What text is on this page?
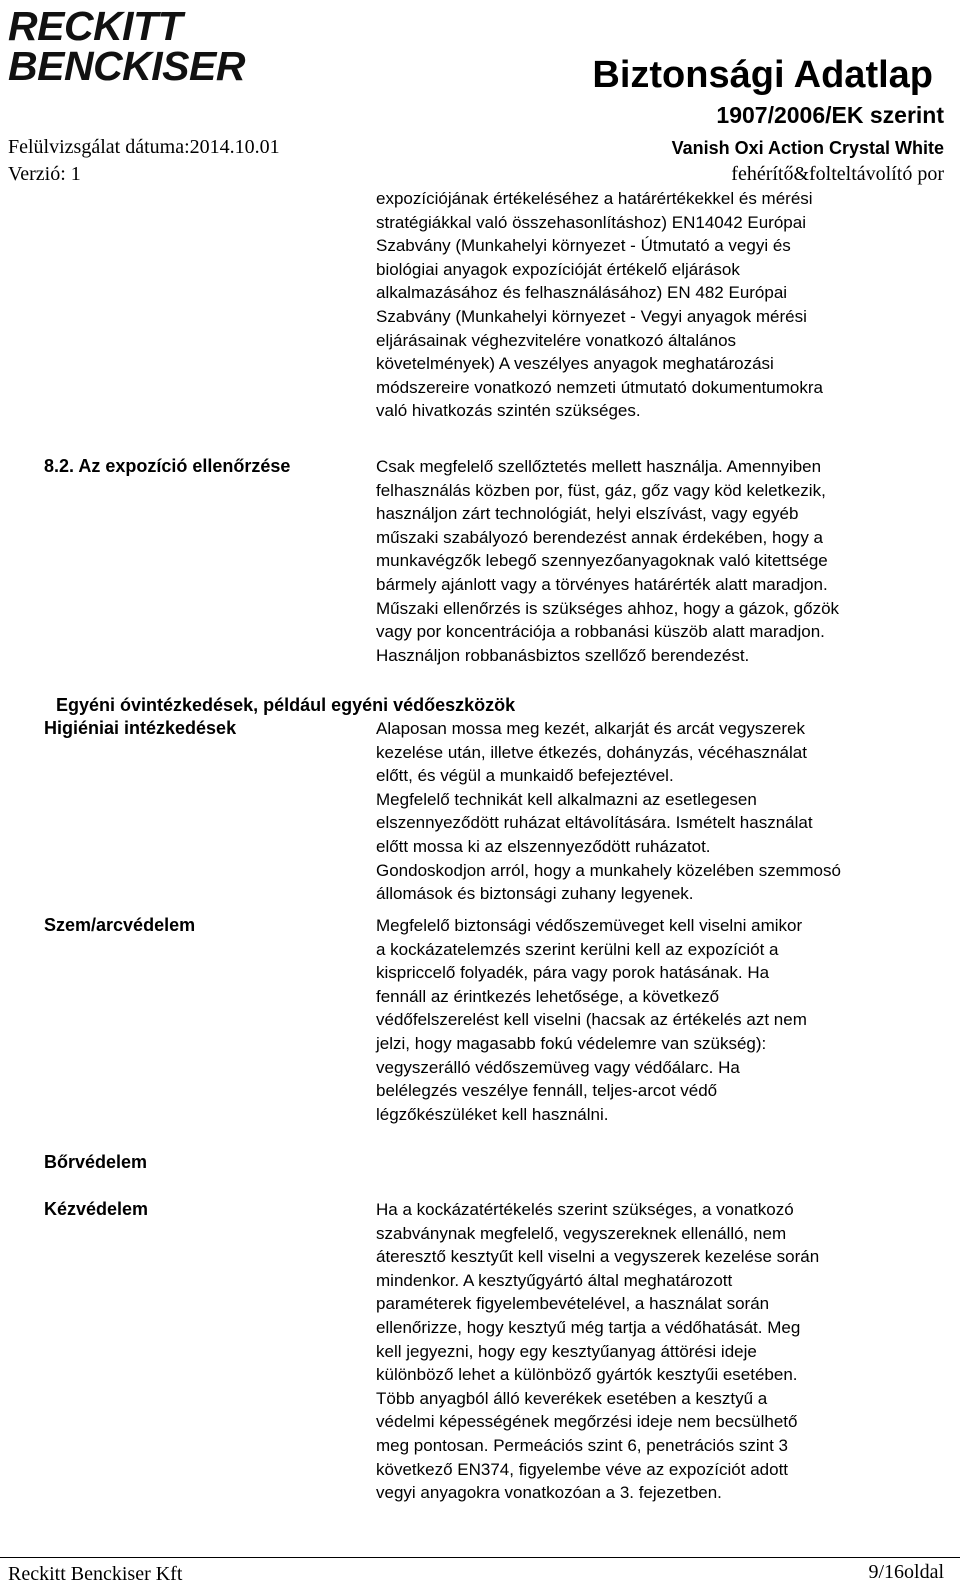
RECKITT
BENCKISER	Biztonsági Adatlap
1907/2006/EK szerint
Vanish Oxi Action Crystal White
fehérítő&folteltávolító por
Felülvizsgálat dátuma:2014.10.01
Verzió: 1
expozíciójának értékeléséhez a határértékekkel és mérési
stratégiákkal való összehasonlításhoz) EN14042 Európai
Szabvány (Munkahelyi környezet - Útmutató a vegyi és
biológiai anyagok expozícióját értékelő eljárások
alkalmazásához és felhasználásához) EN 482 Európai
Szabvány (Munkahelyi környezet - Vegyi anyagok mérési
eljárásainak véghezvitelére vonatkozó általános
követelmények) A veszélyes anyagok meghatározási
módszereire vonatkozó nemzeti útmutató dokumentumokra
való hivatkozás szintén szükséges.
8.2. Az expozíció ellenőrzése	Csak megfelelő szellőztetés mellett használja. Amennyiben
felhasználás közben por, füst, gáz, gőz vagy köd keletkezik,
használjon zárt technológiát, helyi elszívást, vagy egyéb
műszaki szabályozó berendezést annak érdekében, hogy a
munkavégzők lebegő szennyezőanyagoknak való kitettsége
bármely ajánlott vagy a törvényes határérték alatt maradjon.
Műszaki ellenőrzés is szükséges ahhoz, hogy a gázok, gőzök
vagy por koncentrációja a robbanási küszöb alatt maradjon.
Használjon robbanásbiztos szellőző berendezést.
Egyéni óvintézkedések, például egyéni védőeszközök
Higiéniai intézkedések	Alaposan mossa meg kezét, alkarját és arcát vegyszerek
kezelése után, illetve étkezés, dohányzás, vécéhasználat
előtt, és végül a munkaidő befejeztével.
Megfelelő technikát kell alkalmazni az esetlegesen
elszennyeződött ruházat eltávolítására. Ismételt használat
előtt mossa ki az elszennyeződött ruházatot.
Gondoskodjon arról, hogy a munkahely közelében szemmosó
állomások és biztonsági zuhany legyenek.
Szem/arcvédelem	Megfelelő biztonsági védőszemüveget kell viselni amikor
a kockázatelemzés szerint kerülni kell az expozíciót a
kispriccelő folyadék, pára vagy porok hatásának. Ha
fennáll az érintkezés lehetősége, a következő
védőfelszerelést kell viselni (hacsak az értékelés azt nem
jelzi, hogy magasabb fokú védelemre van szükség):
vegyszerálló védőszemüveg vagy védőálarc. Ha
belélegzés veszélye fennáll, teljes-arcot védő
légzőkészüléket kell használni.
Bőrvédelem
Kézvédelem	Ha a kockázatértékelés szerint szükséges, a vonatkozó
szabványnak megfelelő, vegyszereknek ellenálló, nem
áteresztő kesztyűt kell viselni a vegyszerek kezelése során
mindenkor. A kesztyűgyártó által meghatározott
paraméterek figyelembevételével, a használat során
ellenőrizze, hogy kesztyű még tartja a védőhatását. Meg
kell jegyezni, hogy egy kesztyűanyag áttörési ideje
különböző lehet a különböző gyártók kesztyűi esetében.
Több anyagból álló keverékek esetében a kesztyű a
védelmi képességének megőrzési ideje nem becsülhető
meg pontosan. Permeációs szint 6, penetrációs szint 3
következő EN374, figyelembe véve az expozíciót adott
vegyi anyagokra vonatkozóan a 3. fejezetben.
Reckitt Benckiser Kft	9/16oldal
